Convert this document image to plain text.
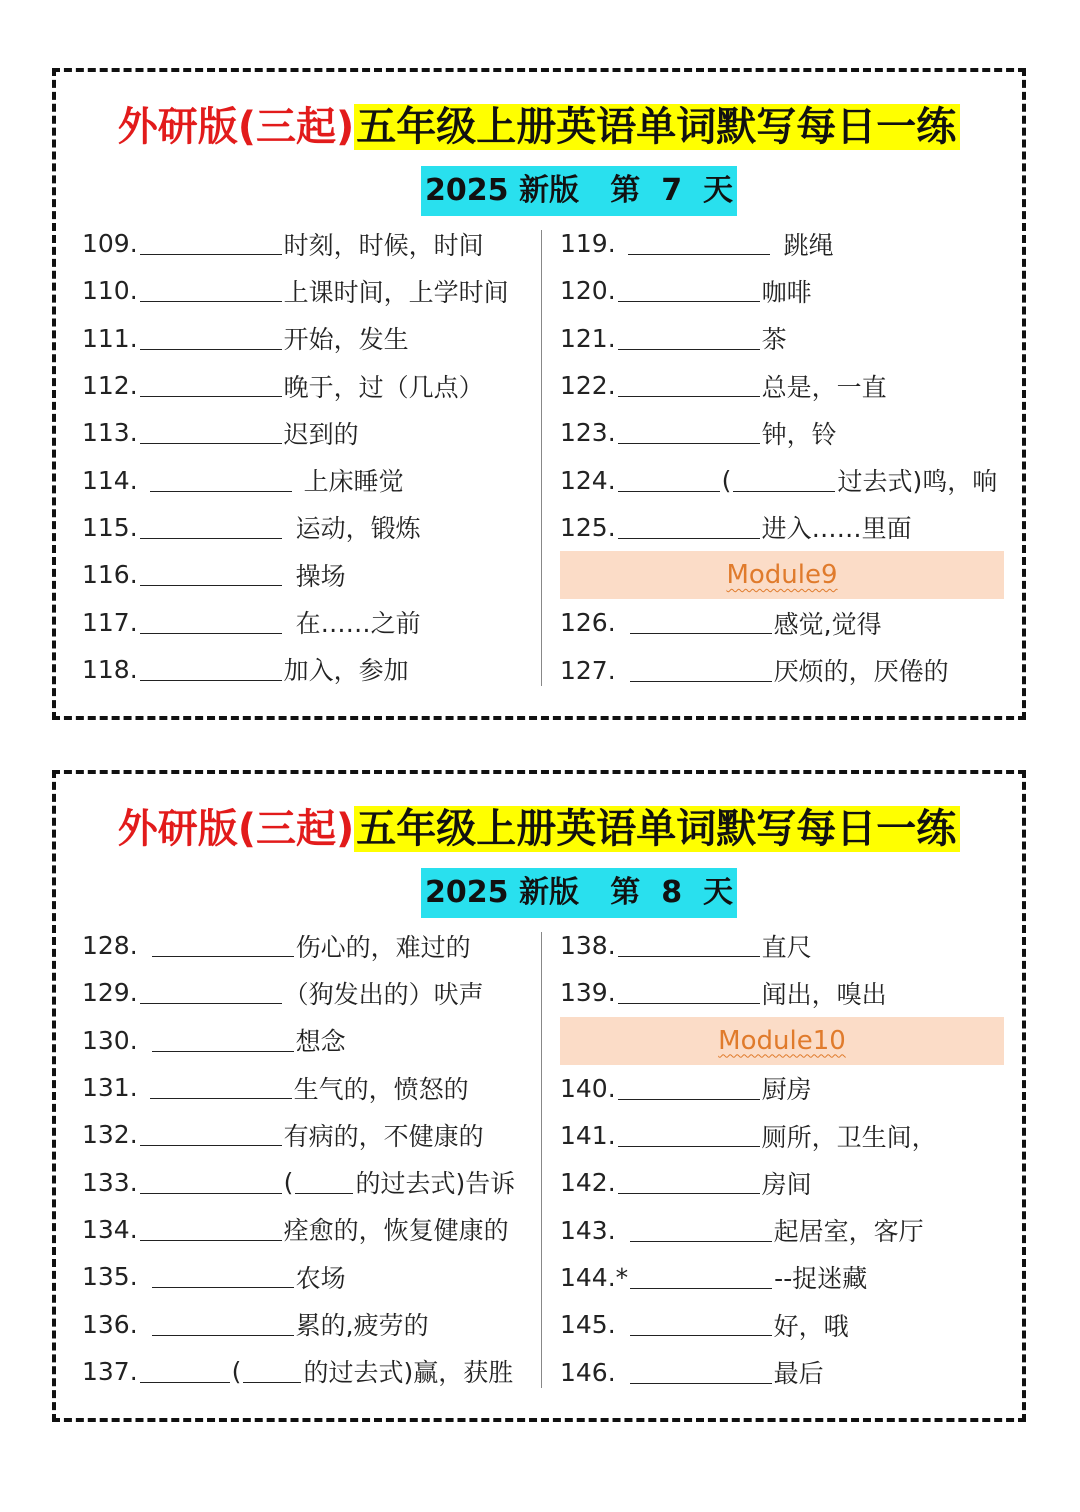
外研版(三起)五年级上册英语单词默写每日一练
2025 新版   第  7  天
109.	时刻，时候，时间
110.	上课时间，上学时间
111.	开始，发生
112.	晚于，过（几点）
113.	迟到的
114.	上床睡觉
115.	运动，锻炼
116.	操场
117.	在……之前
118.	加入，参加
119.	跳绳
120.	咖啡
121.	茶
122.	总是，一直
123.	钟，铃
124.	(	过去式)鸣，响
125.	进入……里面
Module9
126.	感觉,觉得
127.	厌烦的，厌倦的
外研版(三起)五年级上册英语单词默写每日一练
2025 新版   第  8  天
128.	伤心的，难过的
129.	（狗发出的）吠声
130.	想念
131.	生气的，愤怒的
132.	有病的，不健康的
133.	( 的过去式)告诉
134.	痊愈的，恢复健康的
135.	农场
136.	累的,疲劳的
137.	( 的过去式)赢，获胜
138.	直尺
139.	闻出，嗅出
Module10
140.	厨房
141.	厕所，卫生间，
142.	房间
143.	起居室，客厅
144.*	--捉迷藏
145.	好，哦
146.	最后
